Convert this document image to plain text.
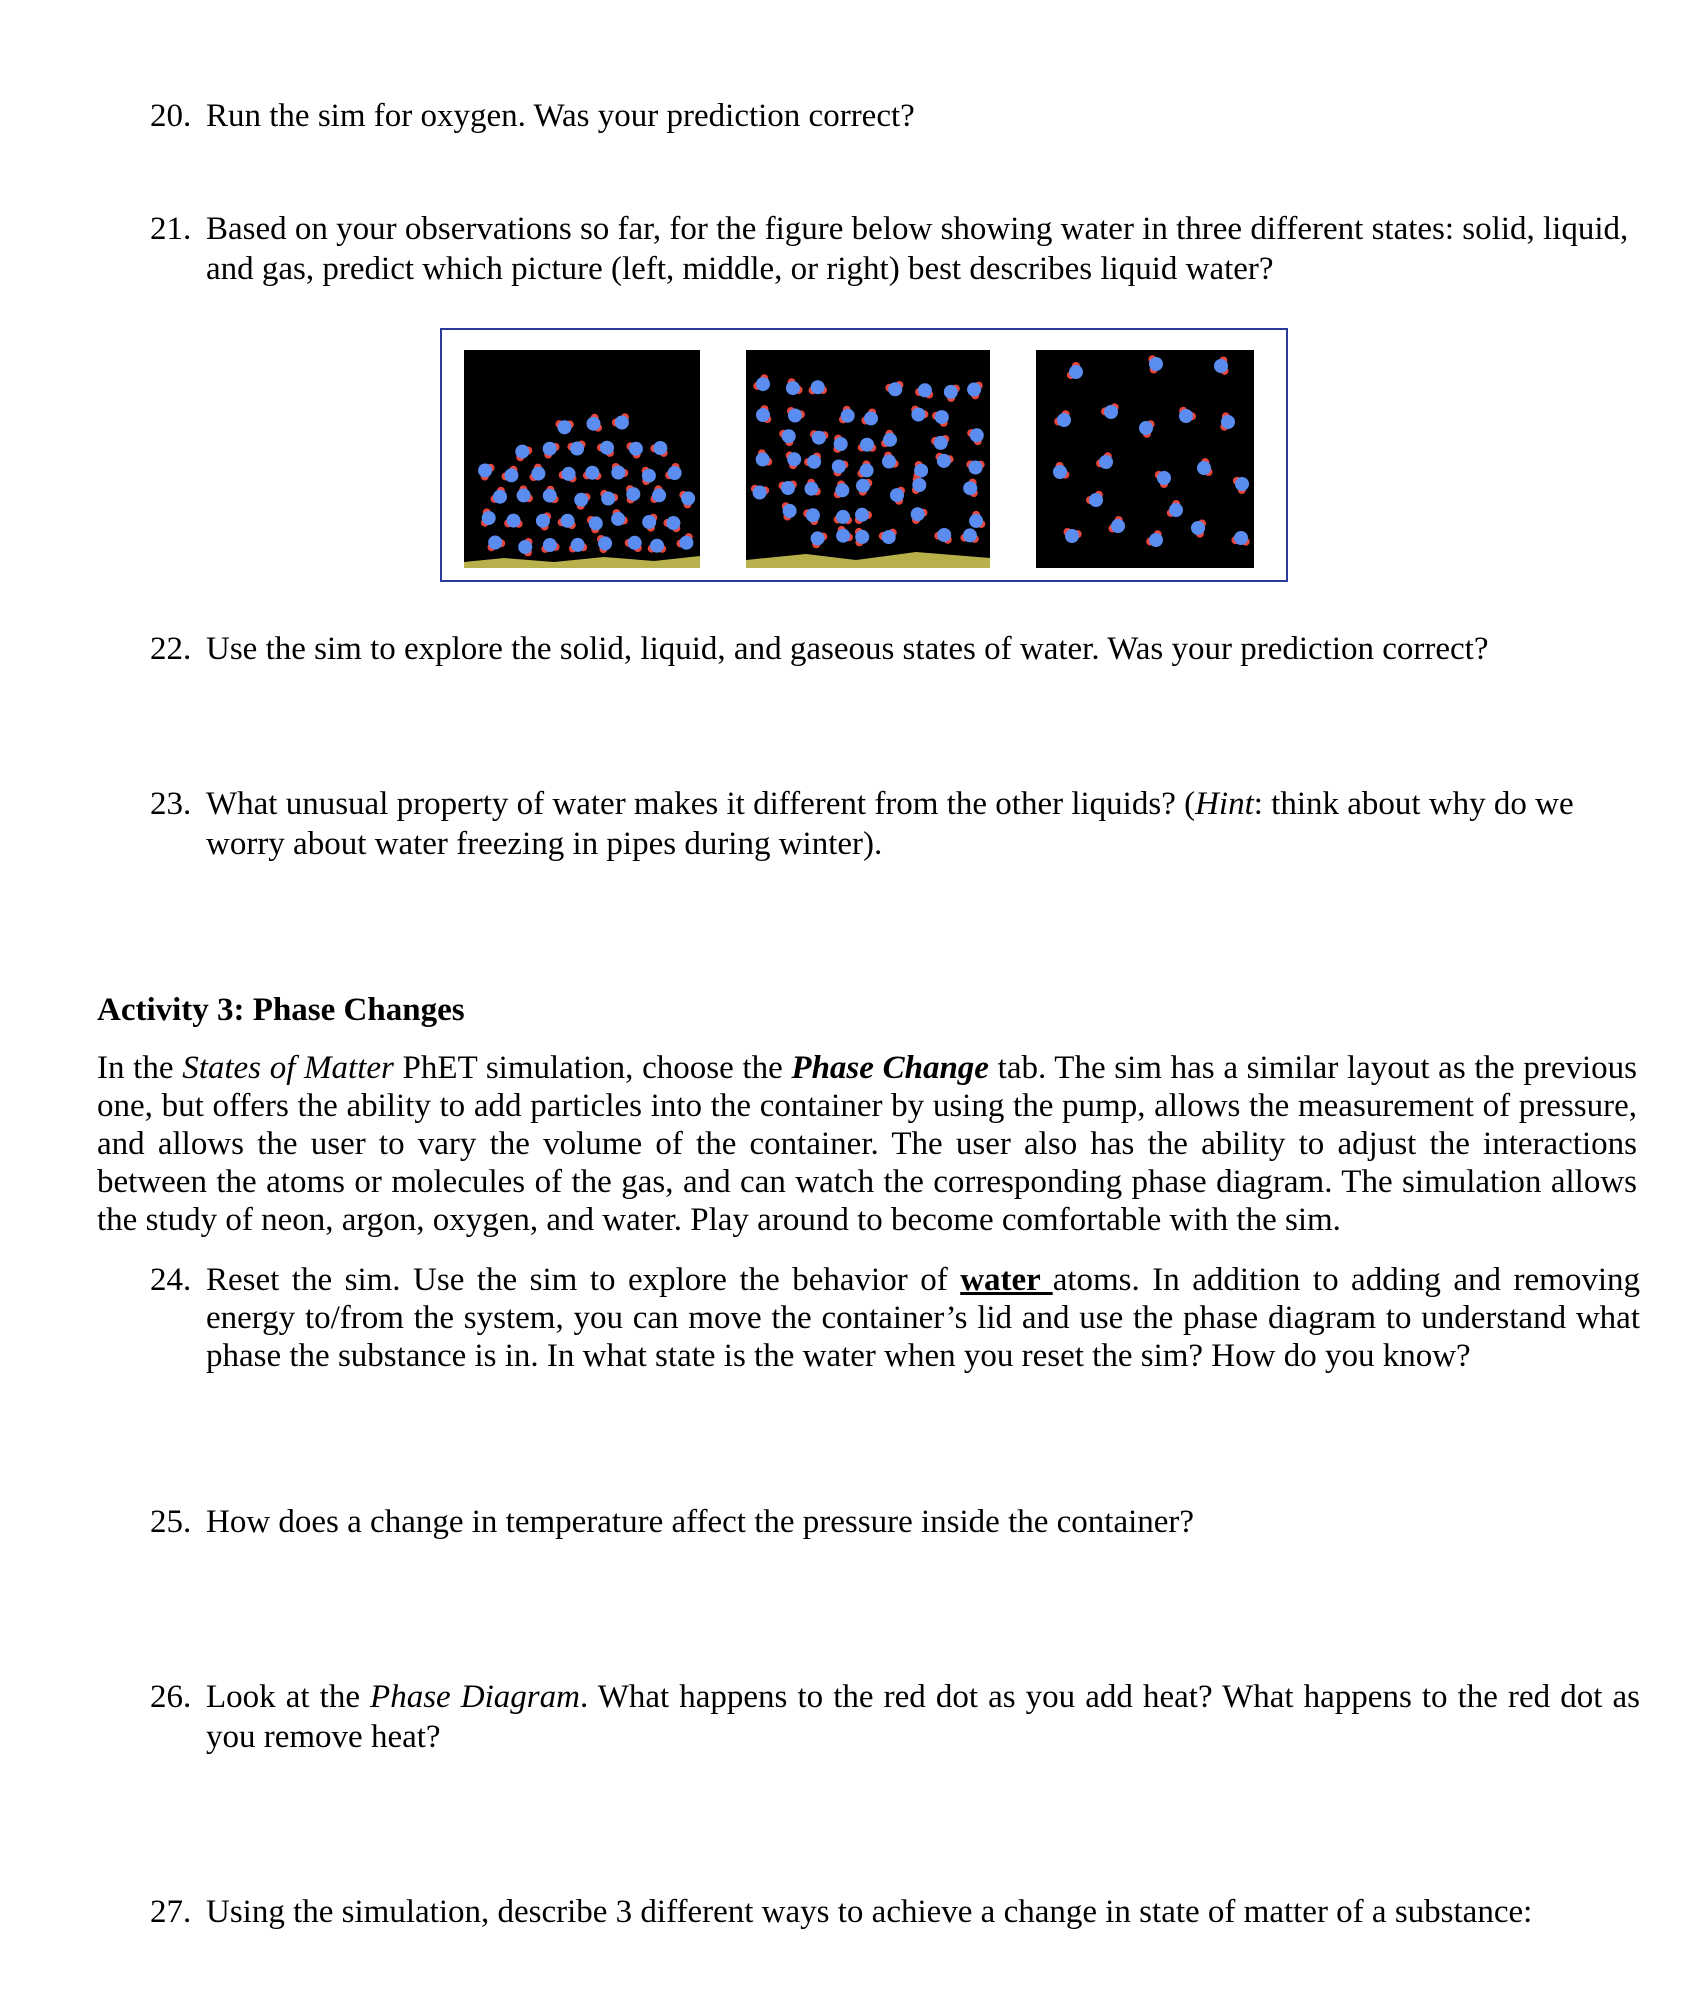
20. Run the sim for oxygen. Was your prediction correct?
21. Based on your observations so far, for the figure below showing water in three different states: solid, liquid, and gas, predict which picture (left, middle, or right) best describes liquid water?
22. Use the sim to explore the solid, liquid, and gaseous states of water. Was your prediction correct?
23. What unusual property of water makes it different from the other liquids? (Hint: think about why do we worry about water freezing in pipes during winter).
Activity 3: Phase Changes
In the States of Matter PhET simulation, choose the Phase Change tab. The sim has a similar layout as the previous one, but offers the ability to add particles into the container by using the pump, allows the measurement of pressure, and allows the user to vary the volume of the container. The user also has the ability to adjust the interactions between the atoms or molecules of the gas, and can watch the corresponding phase diagram. The simulation allows the study of neon, argon, oxygen, and water. Play around to become comfortable with the sim.
24. Reset the sim. Use the sim to explore the behavior of water atoms. In addition to adding and removing energy to/from the system, you can move the container’s lid and use the phase diagram to understand what phase the substance is in. In what state is the water when you reset the sim? How do you know?
25. How does a change in temperature affect the pressure inside the container?
26. Look at the Phase Diagram. What happens to the red dot as you add heat? What happens to the red dot as you remove heat?
27. Using the simulation, describe 3 different ways to achieve a change in state of matter of a substance:
